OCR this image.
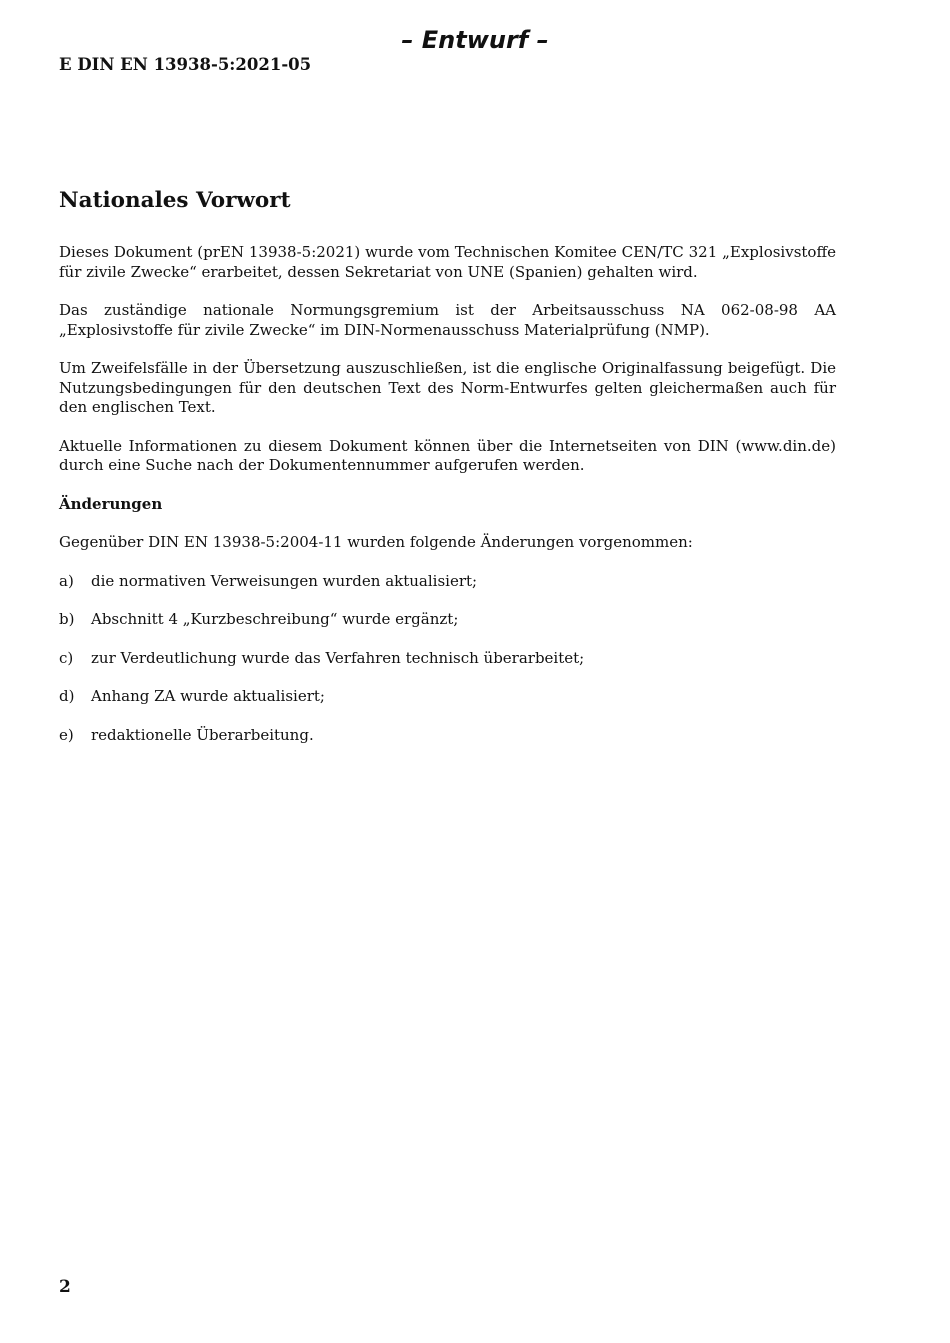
– Entwurf –
E DIN EN 13938-5:2021-05
Nationales Vorwort

Dieses Dokument (prEN 13938-5:2021) wurde vom Technischen Komitee CEN/TC 321 „Explosivstoffe für zivile Zwecke“ erarbeitet, dessen Sekretariat von UNE (Spanien) gehalten wird.

Das zuständige nationale Normungsgremium ist der Arbeitsausschuss NA 062-08-98 AA „Explosivstoffe für zivile Zwecke“ im DIN-Normenausschuss Materialprüfung (NMP).

Um Zweifelsfälle in der Übersetzung auszuschließen, ist die englische Originalfassung beigefügt. Die Nutzungsbedingungen für den deutschen Text des Norm-Entwurfes gelten gleichermaßen auch für den englischen Text.

Aktuelle Informationen zu diesem Dokument können über die Internetseiten von DIN (www.din.de) durch eine Suche nach der Dokumentennummer aufgerufen werden.

Änderungen

Gegenüber DIN EN 13938-5:2004-11 wurden folgende Änderungen vorgenommen:

a)	die normativen Verweisungen wurden aktualisiert;
b)	Abschnitt 4 „Kurzbeschreibung“ wurde ergänzt;
c)	zur Verdeutlichung wurde das Verfahren technisch überarbeitet;
d)	Anhang ZA wurde aktualisiert;
e)	redaktionelle Überarbeitung.
2
